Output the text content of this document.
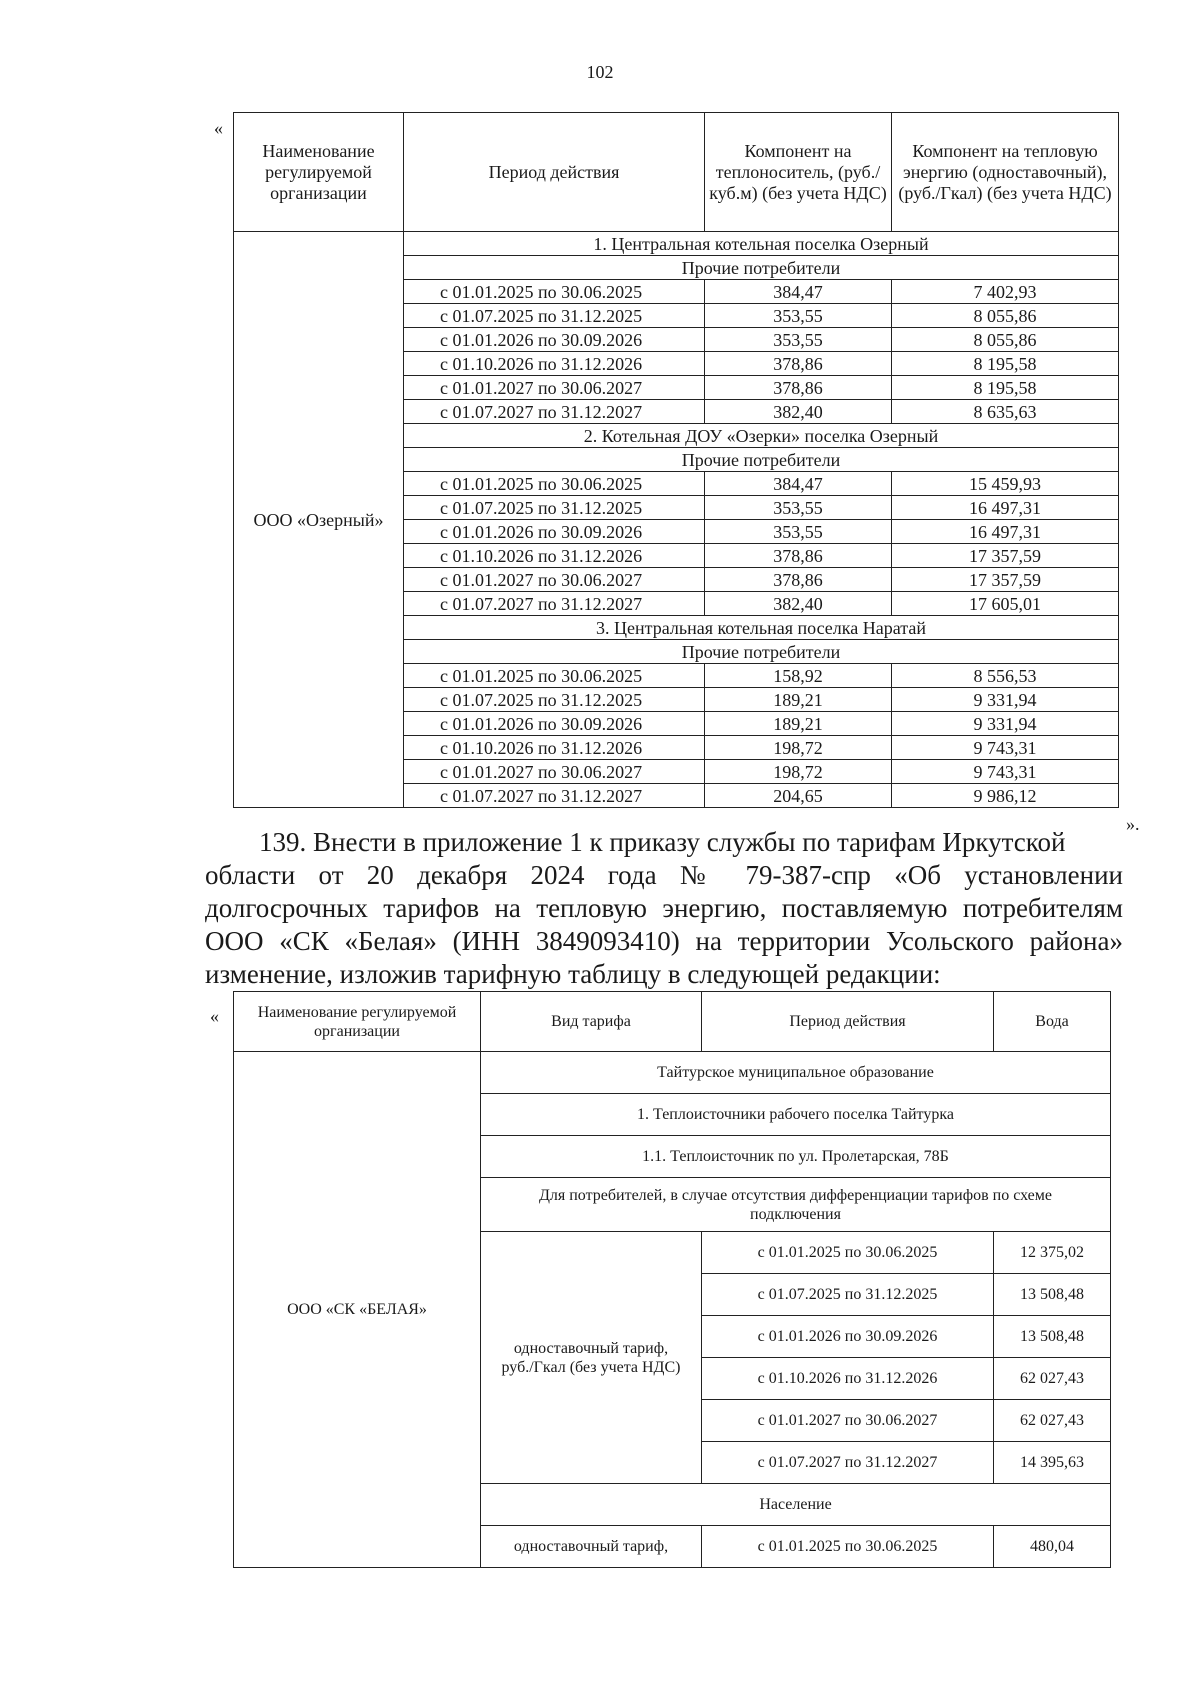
102
«
Наименование регулируемой организации	Период действия	Компонент на теплоноситель, (руб./куб.м) (без учета НДС)	Компонент на тепловую энергию (одноставочный), (руб./Гкал) (без учета НДС)
ООО «Озерный»	1. Центральная котельная поселка Озерный		
	Прочие потребители		
	с 01.01.2025 по 30.06.2025	384,47	7 402,93
	с 01.07.2025 по 31.12.2025	353,55	8 055,86
	с 01.01.2026 по 30.09.2026	353,55	8 055,86
	с 01.10.2026 по 31.12.2026	378,86	8 195,58
	с 01.01.2027 по 30.06.2027	378,86	8 195,58
	с 01.07.2027 по 31.12.2027	382,40	8 635,63
	2. Котельная ДОУ «Озерки» поселка Озерный		
	Прочие потребители		
	с 01.01.2025 по 30.06.2025	384,47	15 459,93
	с 01.07.2025 по 31.12.2025	353,55	16 497,31
	с 01.01.2026 по 30.09.2026	353,55	16 497,31
	с 01.10.2026 по 31.12.2026	378,86	17 357,59
	с 01.01.2027 по 30.06.2027	378,86	17 357,59
	с 01.07.2027 по 31.12.2027	382,40	17 605,01
	3. Центральная котельная поселка Наратай		
	Прочие потребители		
	с 01.01.2025 по 30.06.2025	158,92	8 556,53
	с 01.07.2025 по 31.12.2025	189,21	9 331,94
	с 01.01.2026 по 30.09.2026	189,21	9 331,94
	с 01.10.2026 по 31.12.2026	198,72	9 743,31
	с 01.01.2027 по 30.06.2027	198,72	9 743,31
	с 01.07.2027 по 31.12.2027	204,65	9 986,12
».

139. Внести в приложение 1 к приказу службы по тарифам Иркутской

области от 20 декабря 2024 года № 79-387-спр «Об установлении долгосрочных тарифов на тепловую энергию, поставляемую потребителям ООО «СК «Белая» (ИНН 3849093410) на территории Усольского района» изменение, изложив тарифную таблицу в следующей редакции:

« Наименование регулируемой организации	Вид тарифа	Период действия	Вода
ООО «СК «БЕЛАЯ»	Тайтурское муниципальное образование		
	1. Теплоисточники рабочего поселка Тайтурка		
	1.1. Теплоисточник по ул. Пролетарская, 78Б		
	Для потребителей, в случае отсутствия дифференциации тарифов по схеме подключения		
	одноставочный тариф, руб./Гкал (без учета НДС)	с 01.01.2025 по 30.06.2025	12 375,02
		с 01.07.2025 по 31.12.2025	13 508,48
		с 01.01.2026 по 30.09.2026	13 508,48
		с 01.10.2026 по 31.12.2026	62 027,43
		с 01.01.2027 по 30.06.2027	62 027,43
		с 01.07.2027 по 31.12.2027	14 395,63
	Население		
	одноставочный тариф,	с 01.01.2025 по 30.06.2025	480,04
